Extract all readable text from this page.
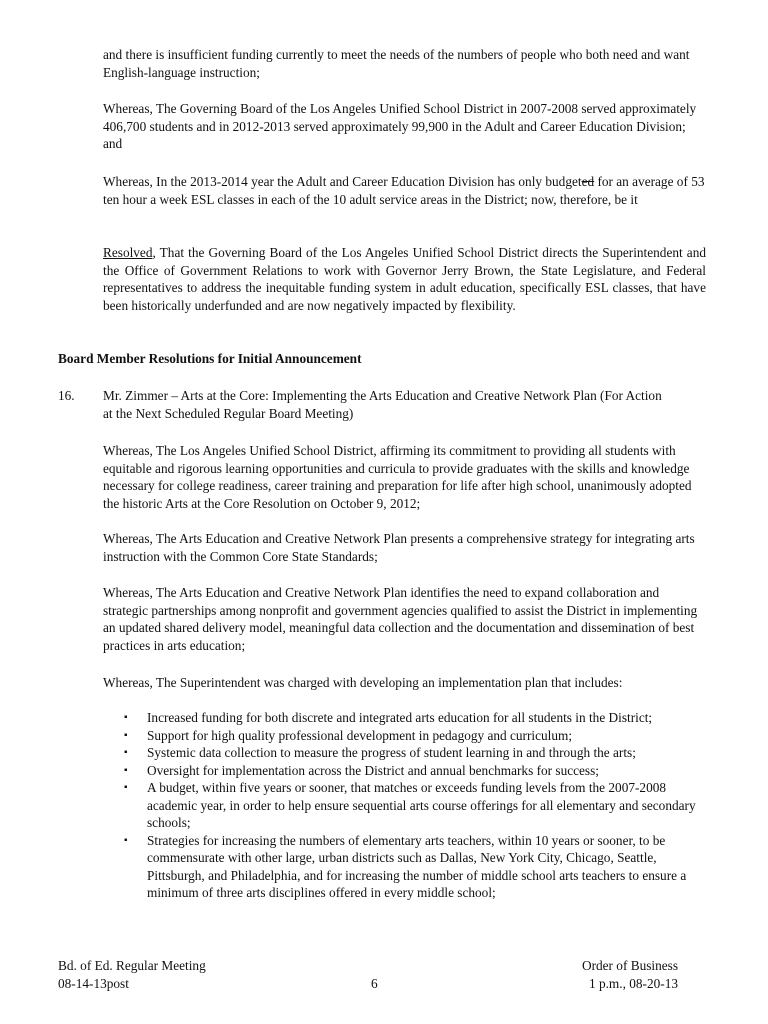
and there is insufficient funding currently to meet the needs of the numbers of people who both need and want English-language instruction;

Whereas, The Governing Board of the Los Angeles Unified School District in 2007-2008 served approximately 406,700 students and in 2012-2013 served approximately 99,900 in the Adult and Career Education Division; and

Whereas, In the 2013-2014 year the Adult and Career Education Division has only budgeted for an average of 53 ten hour a week ESL classes in each of the 10 adult service areas in the District; now, therefore, be it

Resolved, That the Governing Board of the Los Angeles Unified School District directs the Superintendent and the Office of Government Relations to work with Governor Jerry Brown, the State Legislature, and Federal representatives to address the inequitable funding system in adult education, specifically ESL classes, that have been historically underfunded and are now negatively impacted by flexibility.

Board Member Resolutions for Initial Announcement

16. Mr. Zimmer – Arts at the Core: Implementing the Arts Education and Creative Network Plan (For Action at the Next Scheduled Regular Board Meeting)

Whereas, The Los Angeles Unified School District, affirming its commitment to providing all students with equitable and rigorous learning opportunities and curricula to provide graduates with the skills and knowledge necessary for college readiness, career training and preparation for life after high school, unanimously adopted the historic Arts at the Core Resolution on October 9, 2012;

Whereas, The Arts Education and Creative Network Plan presents a comprehensive strategy for integrating arts instruction with the Common Core State Standards;

Whereas, The Arts Education and Creative Network Plan identifies the need to expand collaboration and strategic partnerships among nonprofit and government agencies qualified to assist the District in implementing an updated shared delivery model, meaningful data collection and the documentation and dissemination of best practices in arts education;

Whereas, The Superintendent was charged with developing an implementation plan that includes:

▪ Increased funding for both discrete and integrated arts education for all students in the District;
▪ Support for high quality professional development in pedagogy and curriculum;
▪ Systemic data collection to measure the progress of student learning in and through the arts;
▪ Oversight for implementation across the District and annual benchmarks for success;
▪ A budget, within five years or sooner, that matches or exceeds funding levels from the 2007-2008 academic year, in order to help ensure sequential arts course offerings for all elementary and secondary schools;
▪ Strategies for increasing the numbers of elementary arts teachers, within 10 years or sooner, to be commensurate with other large, urban districts such as Dallas, New York City, Chicago, Seattle, Pittsburgh, and Philadelphia, and for increasing the number of middle school arts teachers to ensure a minimum of three arts disciplines offered in every middle school;

Bd. of Ed. Regular Meeting

08-14-13post	6

Order of Business

1 p.m., 08-20-13
